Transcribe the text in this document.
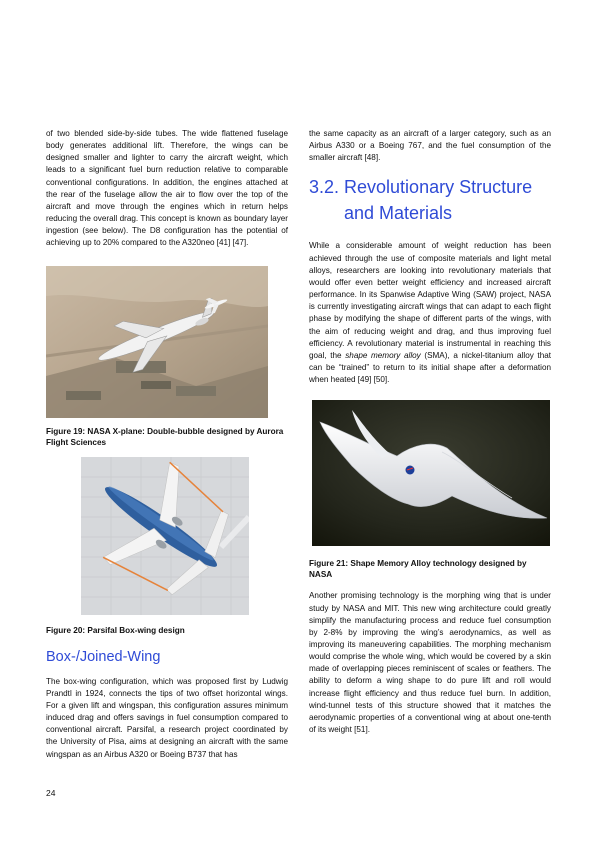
of two blended side-by-side tubes. The wide flattened fuselage body generates additional lift. Therefore, the wings can be designed smaller and lighter to carry the aircraft weight, which leads to a significant fuel burn reduction relative to comparable conventional configurations. In addition, the engines attached at the rear of the fuselage allow the air to flow over the top of the aircraft and move through the engines which in return helps reducing the overall drag. This concept is known as boundary layer ingestion (see below). The D8 configuration has the potential of achieving up to 20% compared to the A320neo [41] [47].

Figure 19: NASA X-plane: Double-bubble designed by Aurora Flight Sciences

Figure 20: Parsifal Box-wing design

Box-/Joined-Wing

The box-wing configuration, which was proposed first by Ludwig Prandtl in 1924, connects the tips of two offset horizontal wings. For a given lift and wingspan, this configuration assures minimum induced drag and offers savings in fuel consumption compared to conventional aircraft. Parsifal, a research project coordinated by the University of Pisa, aims at designing an aircraft with the same wingspan as an Airbus A320 or Boeing B737 that has

the same capacity as an aircraft of a larger category, such as an Airbus A330 or a Boeing 767, and the fuel consumption of the smaller aircraft [48].

3.2. Revolutionary Structure
and Materials

While a considerable amount of weight reduction has been achieved through the use of composite materials and light metal alloys, researchers are looking into revolutionary materials that would offer even better weight efficiency and increased aircraft performance. In its Spanwise Adaptive Wing (SAW) project, NASA is currently investigating aircraft wings that can adapt to each flight phase by modifying the shape of different parts of the wings, with the aim of reducing weight and drag, and thus improving fuel efficiency. A revolutionary material is instrumental in reaching this goal, the shape memory alloy (SMA), a nickel-titanium alloy that can be “trained” to return to its initial shape after a deformation when heated [49] [50].

Figure 21: Shape Memory Alloy technology designed by NASA

Another promising technology is the morphing wing that is under study by NASA and MIT. This new wing architecture could greatly simplify the manufacturing process and reduce fuel consumption by 2-8% by improving the wing’s aerodynamics, as well as improving its maneuvering capabilities. The morphing mechanism would comprise the whole wing, which would be covered by a skin made of overlapping pieces reminiscent of scales or feathers. The ability to deform a wing shape to do pure lift and roll would increase flight efficiency and thus reduce fuel burn. In addition, wind-tunnel tests of this structure showed that it matches the aerodynamic properties of a conventional wing at about one-tenth of its weight [51].

24
